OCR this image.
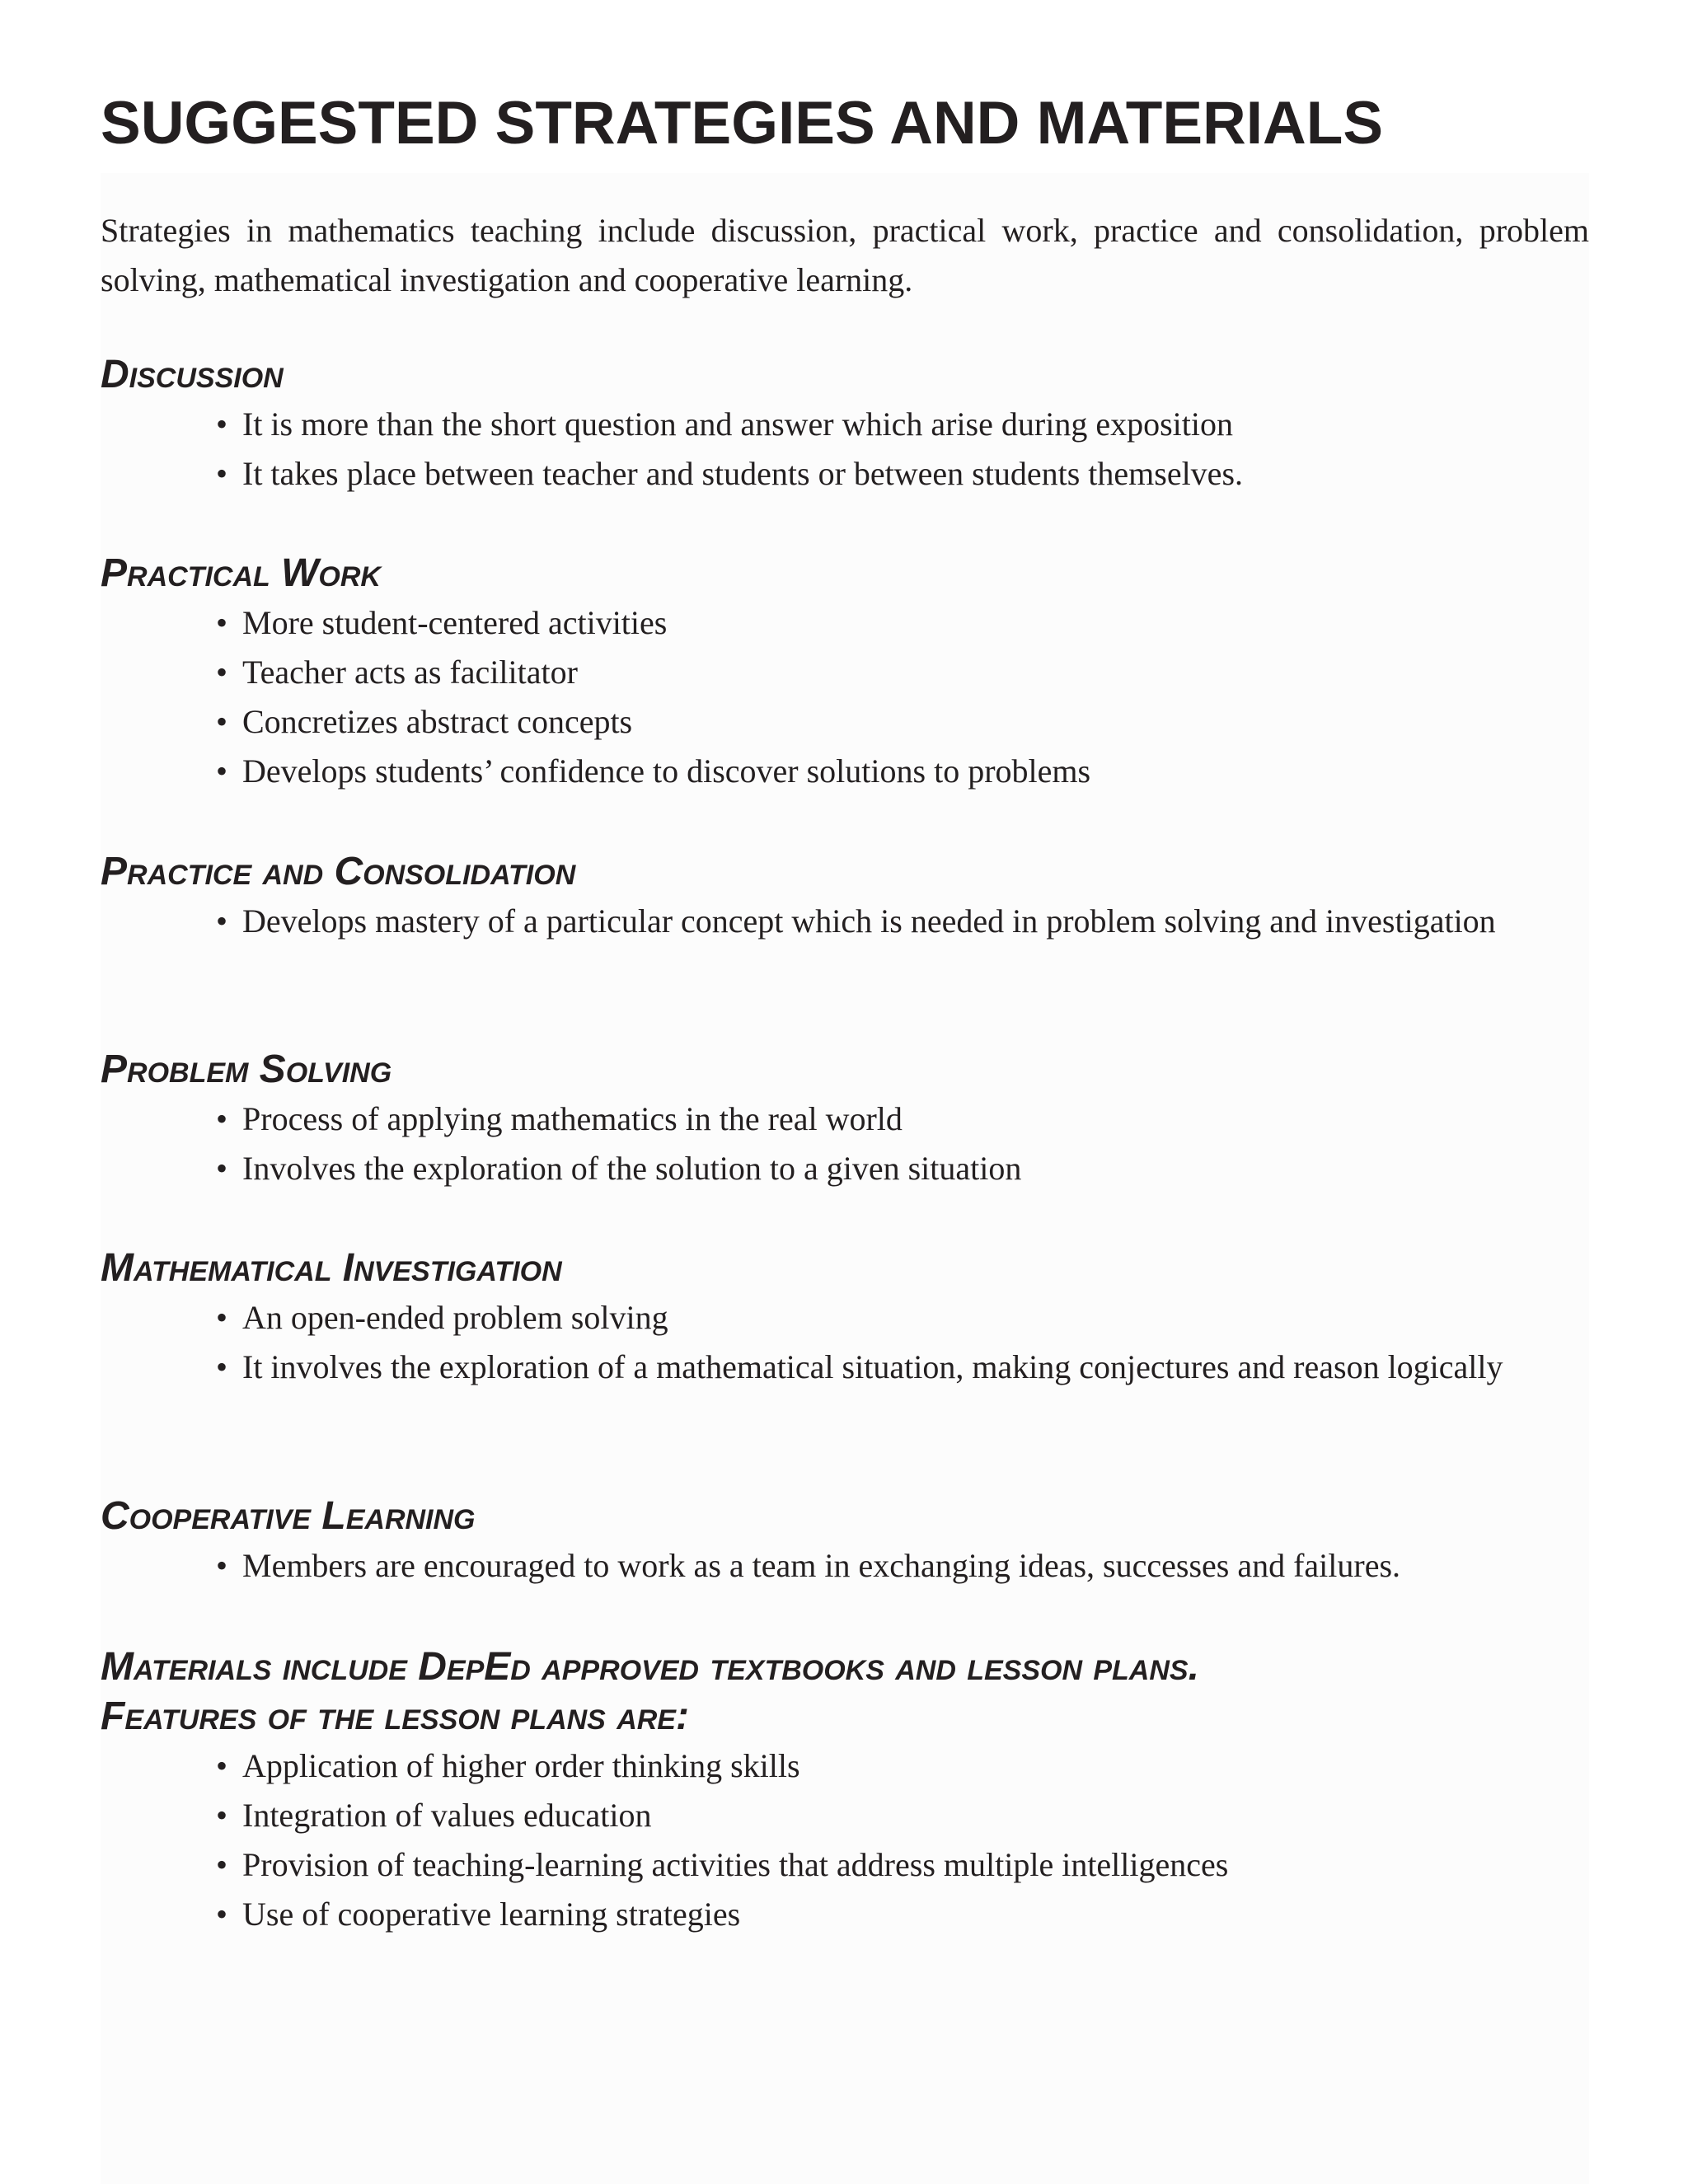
SUGGESTED STRATEGIES AND MATERIALS

Strategies in mathematics teaching include discussion, practical work, practice and consolidation, problem solving, mathematical investigation and cooperative learning.

Discussion
• It is more than the short question and answer which arise during exposition
• It takes place between teacher and students or between students themselves.
Practical Work
• More student-centered activities
• Teacher acts as facilitator
• Concretizes abstract concepts
• Develops students’ confidence to discover solutions to problems
Practice and Consolidation
• Develops mastery of a particular concept which is needed in problem solving and investigation
Problem Solving
• Process of applying mathematics in the real world
• Involves the exploration of the solution to a given situation
Mathematical Investigation
• An open-ended problem solving
• It involves the exploration of a mathematical situation, making conjectures and reason logically
Cooperative Learning
• Members are encouraged to work as a team in exchanging ideas, successes and failures.
Materials include DepEd approved textbooks and lesson plans.
Features of the lesson plans are:
• Application of higher order thinking skills
• Integration of values education
• Provision of teaching-learning activities that address multiple intelligences
• Use of cooperative learning strategies
